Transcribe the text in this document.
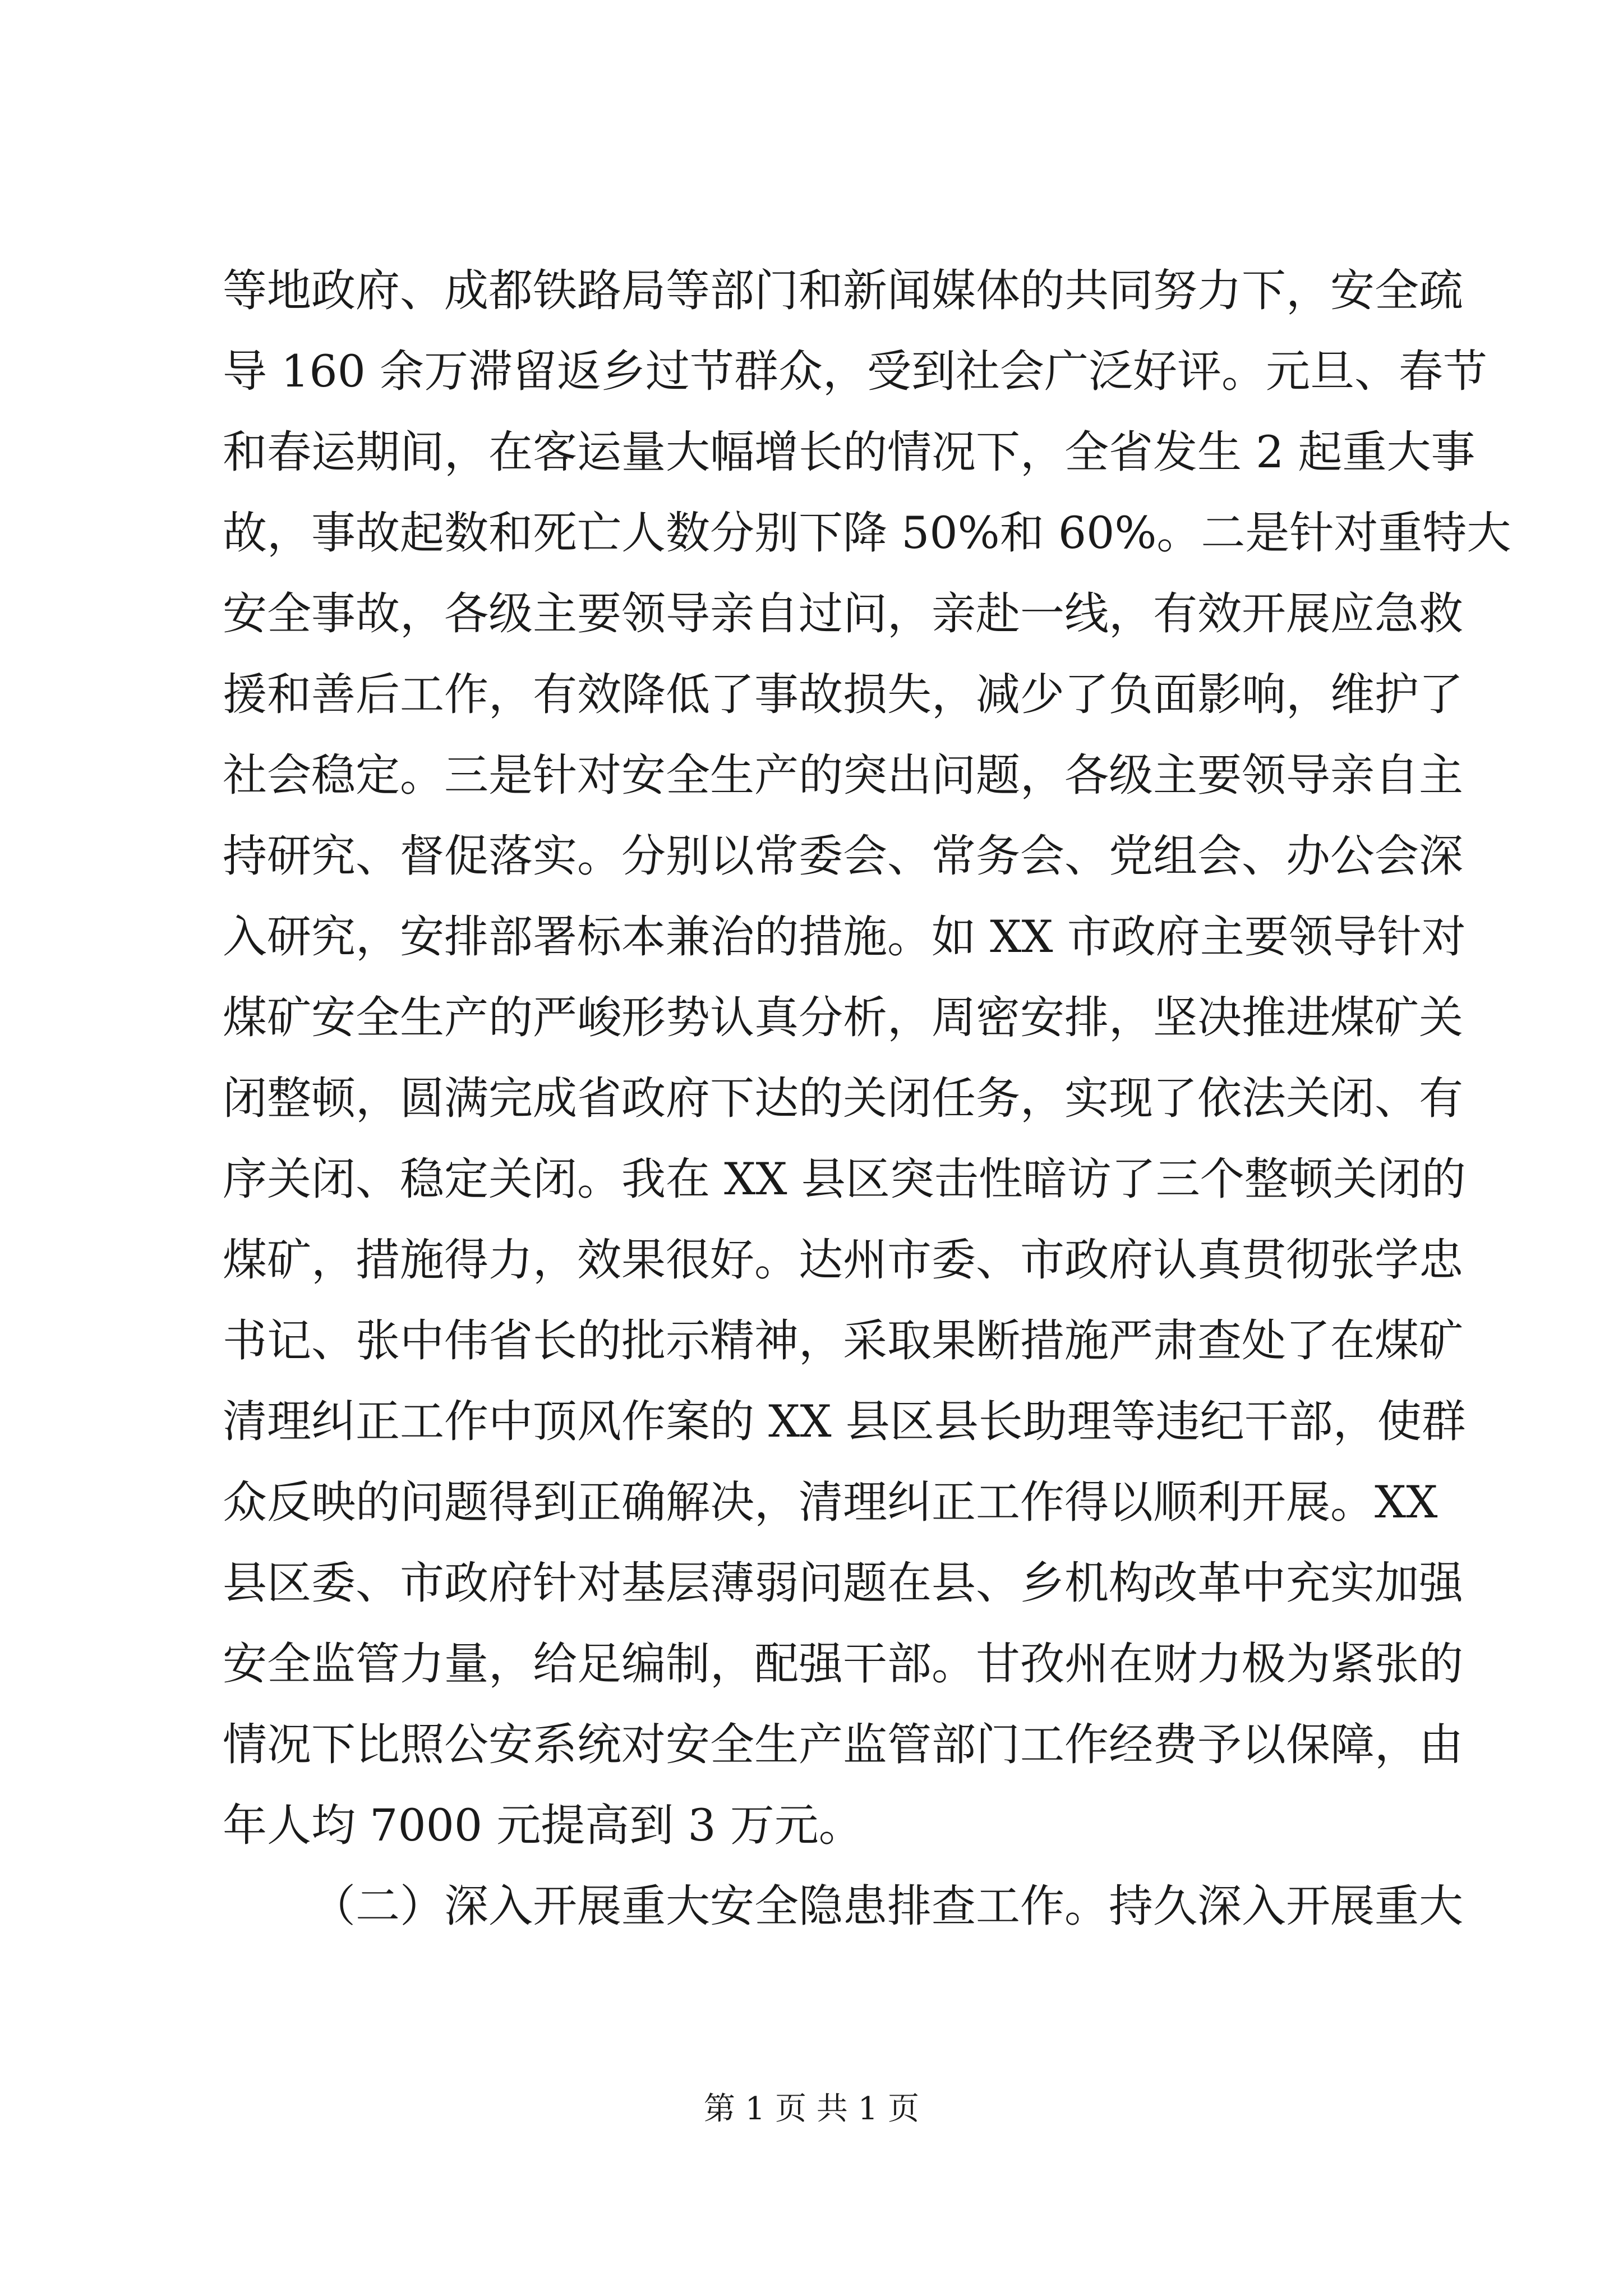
等地政府、成都铁路局等部门和新闻媒体的共同努力下，安全疏
导 160 余万滞留返乡过节群众，受到社会广泛好评。元旦、春节
和春运期间，在客运量大幅增长的情况下，全省发生 2 起重大事
故，事故起数和死亡人数分别下降 50%和 60%。二是针对重特大
安全事故，各级主要领导亲自过问，亲赴一线，有效开展应急救
援和善后工作，有效降低了事故损失，减少了负面影响，维护了
社会稳定。三是针对安全生产的突出问题，各级主要领导亲自主
持研究、督促落实。分别以常委会、常务会、党组会、办公会深
入研究，安排部署标本兼治的措施。如 XX 市政府主要领导针对
煤矿安全生产的严峻形势认真分析，周密安排，坚决推进煤矿关
闭整顿，圆满完成省政府下达的关闭任务，实现了依法关闭、有
序关闭、稳定关闭。我在 XX 县区突击性暗访了三个整顿关闭的
煤矿，措施得力，效果很好。达州市委、市政府认真贯彻张学忠
书记、张中伟省长的批示精神，采取果断措施严肃查处了在煤矿
清理纠正工作中顶风作案的 XX 县区县长助理等违纪干部，使群
众反映的问题得到正确解决，清理纠正工作得以顺利开展。XX
县区委、市政府针对基层薄弱问题在县、乡机构改革中充实加强
安全监管力量，给足编制，配强干部。甘孜州在财力极为紧张的
情况下比照公安系统对安全生产监管部门工作经费予以保障，由
年人均 7000 元提高到 3 万元。
（二）深入开展重大安全隐患排查工作。持久深入开展重大
第 1 页 共 1 页
